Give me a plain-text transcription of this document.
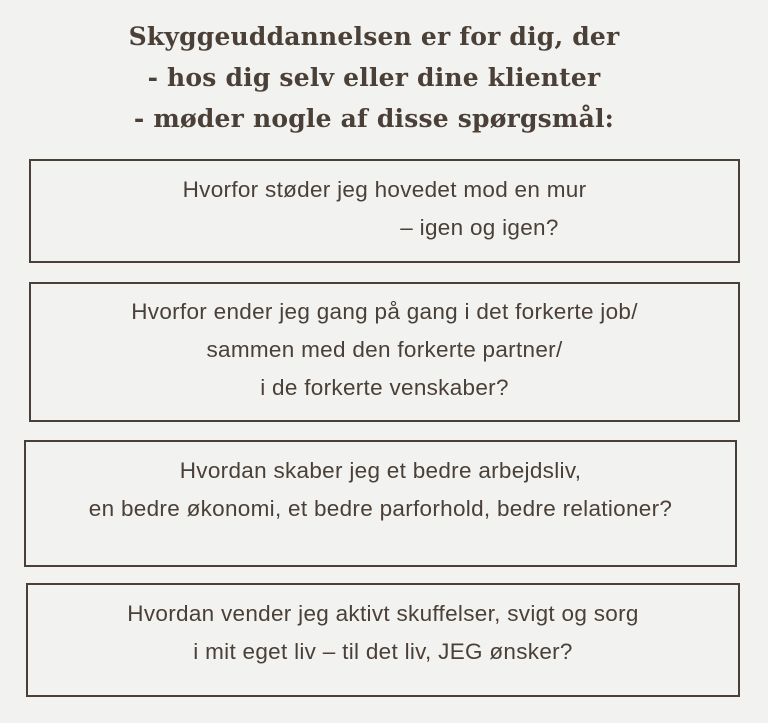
Skyggeuddannelsen er for dig, der
- hos dig selv eller dine klienter
- møder nogle af disse spørgsmål:
Hvorfor støder jeg hovedet mod en mur
– igen og igen?
Hvorfor ender jeg gang på gang i det forkerte job/
sammen med den forkerte partner/
i de forkerte venskaber?
Hvordan skaber jeg et bedre arbejdsliv,
en bedre økonomi, et bedre parforhold, bedre relationer?
Hvordan vender jeg aktivt skuffelser, svigt og sorg
i mit eget liv – til det liv, JEG ønsker?
